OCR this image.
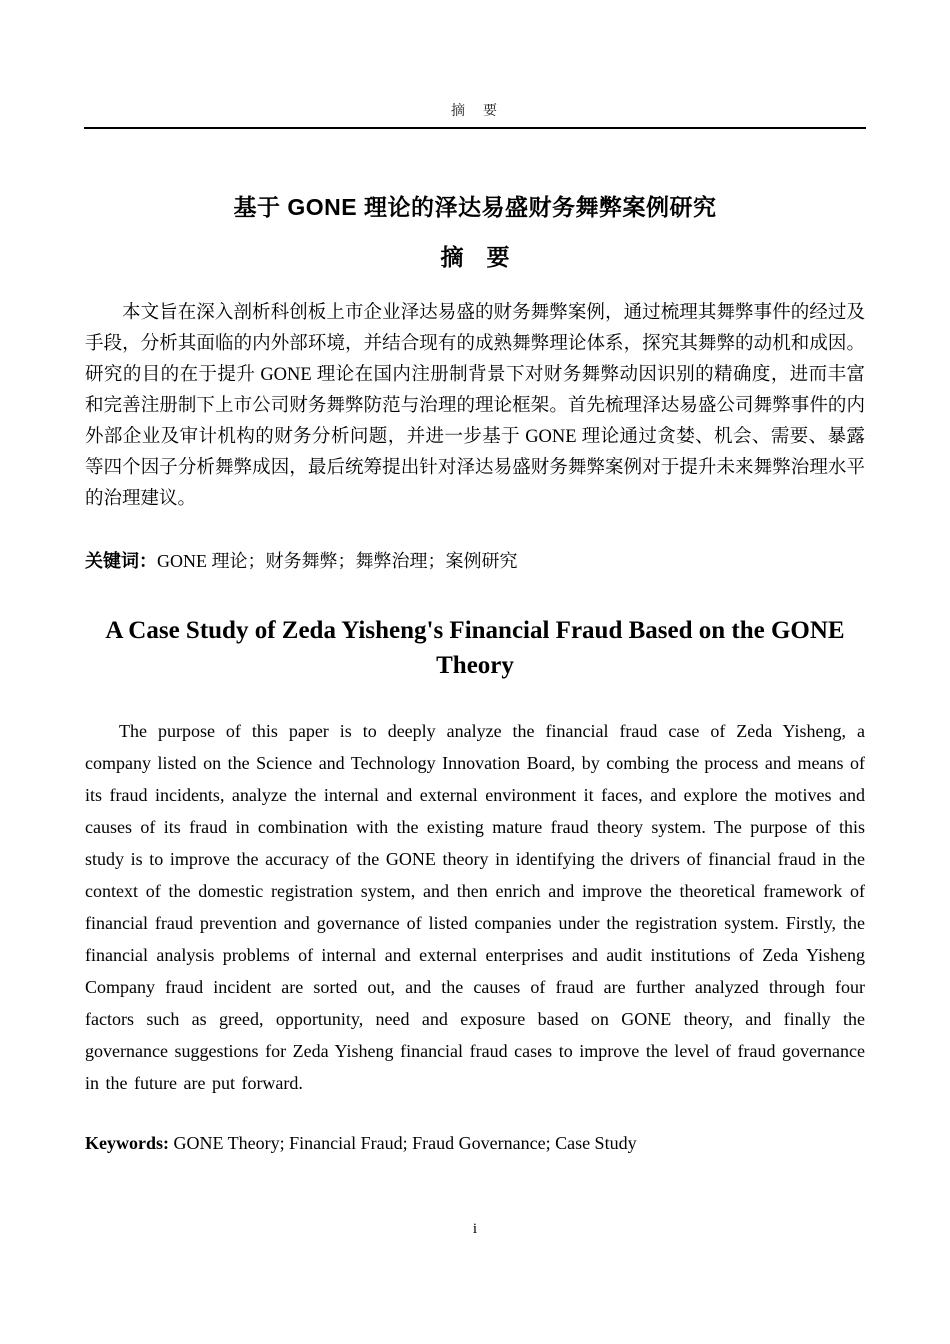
摘　要
基于 GONE 理论的泽达易盛财务舞弊案例研究
摘　要

本文旨在深入剖析科创板上市企业泽达易盛的财务舞弊案例，通过梳理其舞弊事件的经过及手段，分析其面临的内外部环境，并结合现有的成熟舞弊理论体系，探究其舞弊的动机和成因。研究的目的在于提升 GONE 理论在国内注册制背景下对财务舞弊动因识别的精确度，进而丰富和完善注册制下上市公司财务舞弊防范与治理的理论框架。首先梳理泽达易盛公司舞弊事件的内外部企业及审计机构的财务分析问题，并进一步基于 GONE 理论通过贪婪、机会、需要、暴露等四个因子分析舞弊成因，最后统筹提出针对泽达易盛财务舞弊案例对于提升未来舞弊治理水平的治理建议。

关键词：GONE 理论；财务舞弊；舞弊治理；案例研究

A Case Study of Zeda Yisheng's Financial Fraud Based on the GONE Theory

The purpose of this paper is to deeply analyze the financial fraud case of Zeda Yisheng, a company listed on the Science and Technology Innovation Board, by combing the process and means of its fraud incidents, analyze the internal and external environment it faces, and explore the motives and causes of its fraud in combination with the existing mature fraud theory system. The purpose of this study is to improve the accuracy of the GONE theory in identifying the drivers of financial fraud in the context of the domestic registration system, and then enrich and improve the theoretical framework of financial fraud prevention and governance of listed companies under the registration system. Firstly, the financial analysis problems of internal and external enterprises and audit institutions of Zeda Yisheng Company fraud incident are sorted out, and the causes of fraud are further analyzed through four factors such as greed, opportunity, need and exposure based on GONE theory, and finally the governance suggestions for Zeda Yisheng financial fraud cases to improve the level of fraud governance in the future are put forward.

Keywords: GONE Theory; Financial Fraud; Fraud Governance; Case Study

i
